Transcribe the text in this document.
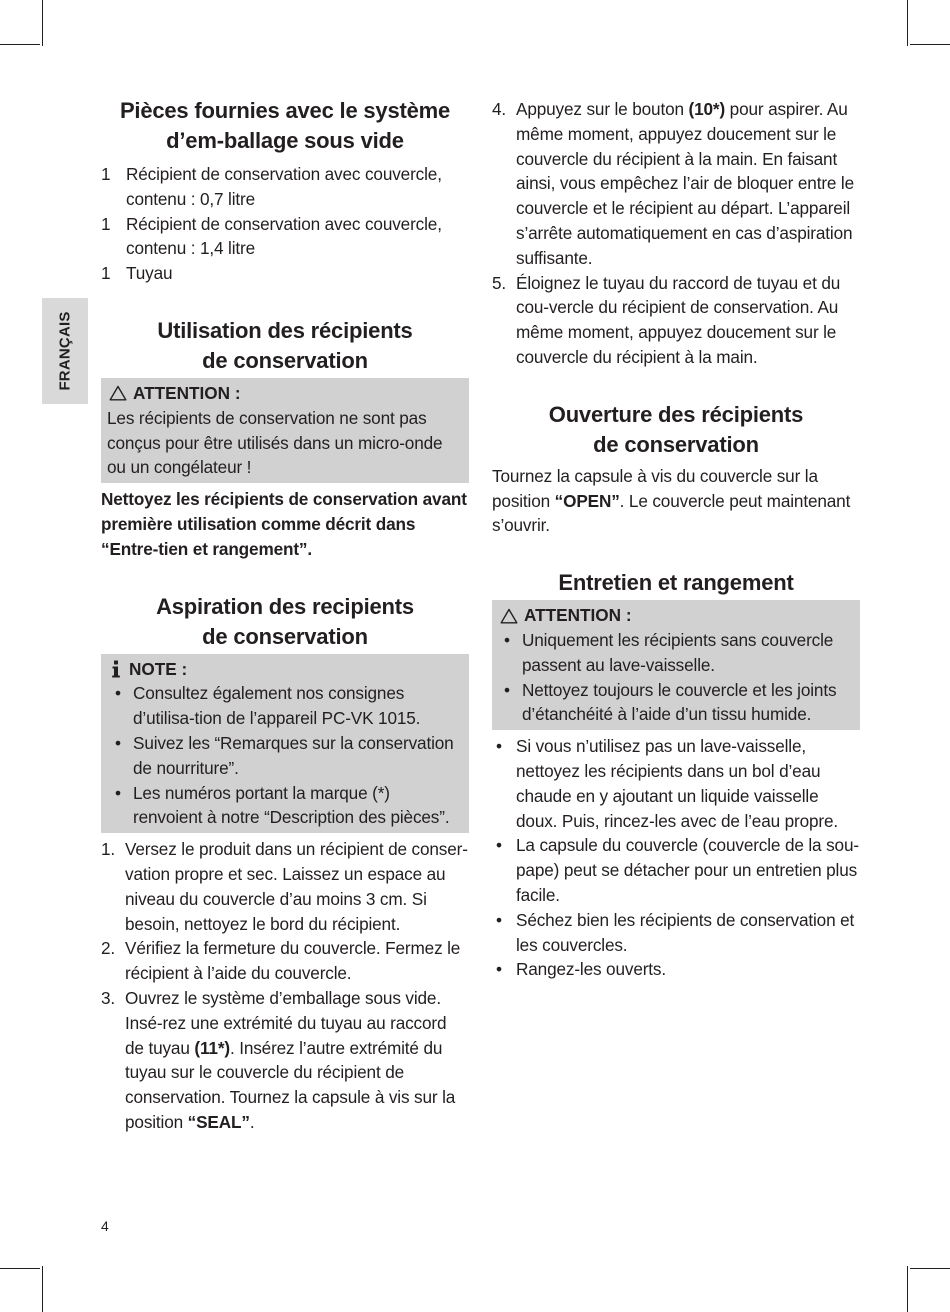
FRANÇAIS
Pièces fournies avec le système d’em-ballage sous vide
1 Récipient de conservation avec couvercle, contenu : 0,7 litre
1 Récipient de conservation avec couvercle, contenu : 1,4 litre
1 Tuyau
Utilisation des récipients
de conservation
ATTENTION :

Les récipients de conservation ne sont pas conçus pour être utilisés dans un micro-onde ou un congélateur !

Nettoyez les récipients de conservation avant première utilisation comme décrit dans “Entre-tien et rangement”.

Aspiration des recipients
de conservation
NOTE :
• Consultez également nos consignes d’utilisa-tion de l’appareil PC-VK 1015.
• Suivez les “Remarques sur la conservation de nourriture”.
• Les numéros portant la marque (*) renvoient à notre “Description des pièces”.
1. Versez le produit dans un récipient de conser-vation propre et sec. Laissez un espace au niveau du couvercle d’au moins 3 cm. Si besoin, nettoyez le bord du récipient.
2. Vérifiez la fermeture du couvercle. Fermez le récipient à l’aide du couvercle.
3. Ouvrez le système d’emballage sous vide. Insé-rez une extrémité du tuyau au raccord de tuyau (11*). Insérez l’autre extrémité du tuyau sur le couvercle du récipient de conservation. Tournez la capsule à vis sur la position “SEAL”.
4. Appuyez sur le bouton (10*) pour aspirer. Au même moment, appuyez doucement sur le couvercle du récipient à la main. En faisant ainsi, vous empêchez l’air de bloquer entre le couvercle et le récipient au départ. L’appareil s’arrête automatiquement en cas d’aspiration suffisante.
5. Éloignez le tuyau du raccord de tuyau et du cou-vercle du récipient de conservation. Au même moment, appuyez doucement sur le couvercle du récipient à la main.
Ouverture des récipients
de conservation

Tournez la capsule à vis du couvercle sur la position “OPEN”. Le couvercle peut maintenant s’ouvrir.

Entretien et rangement
ATTENTION :
• Uniquement les récipients sans couvercle passent au lave-vaisselle.
• Nettoyez toujours le couvercle et les joints d’étanchéité à l’aide d’un tissu humide.
• Si vous n’utilisez pas un lave-vaisselle, nettoyez les récipients dans un bol d’eau chaude en y ajoutant un liquide vaisselle doux. Puis, rincez-les avec de l’eau propre.
• La capsule du couvercle (couvercle de la sou-pape) peut se détacher pour un entretien plus facile.
• Séchez bien les récipients de conservation et les couvercles.
• Rangez-les ouverts.
4
